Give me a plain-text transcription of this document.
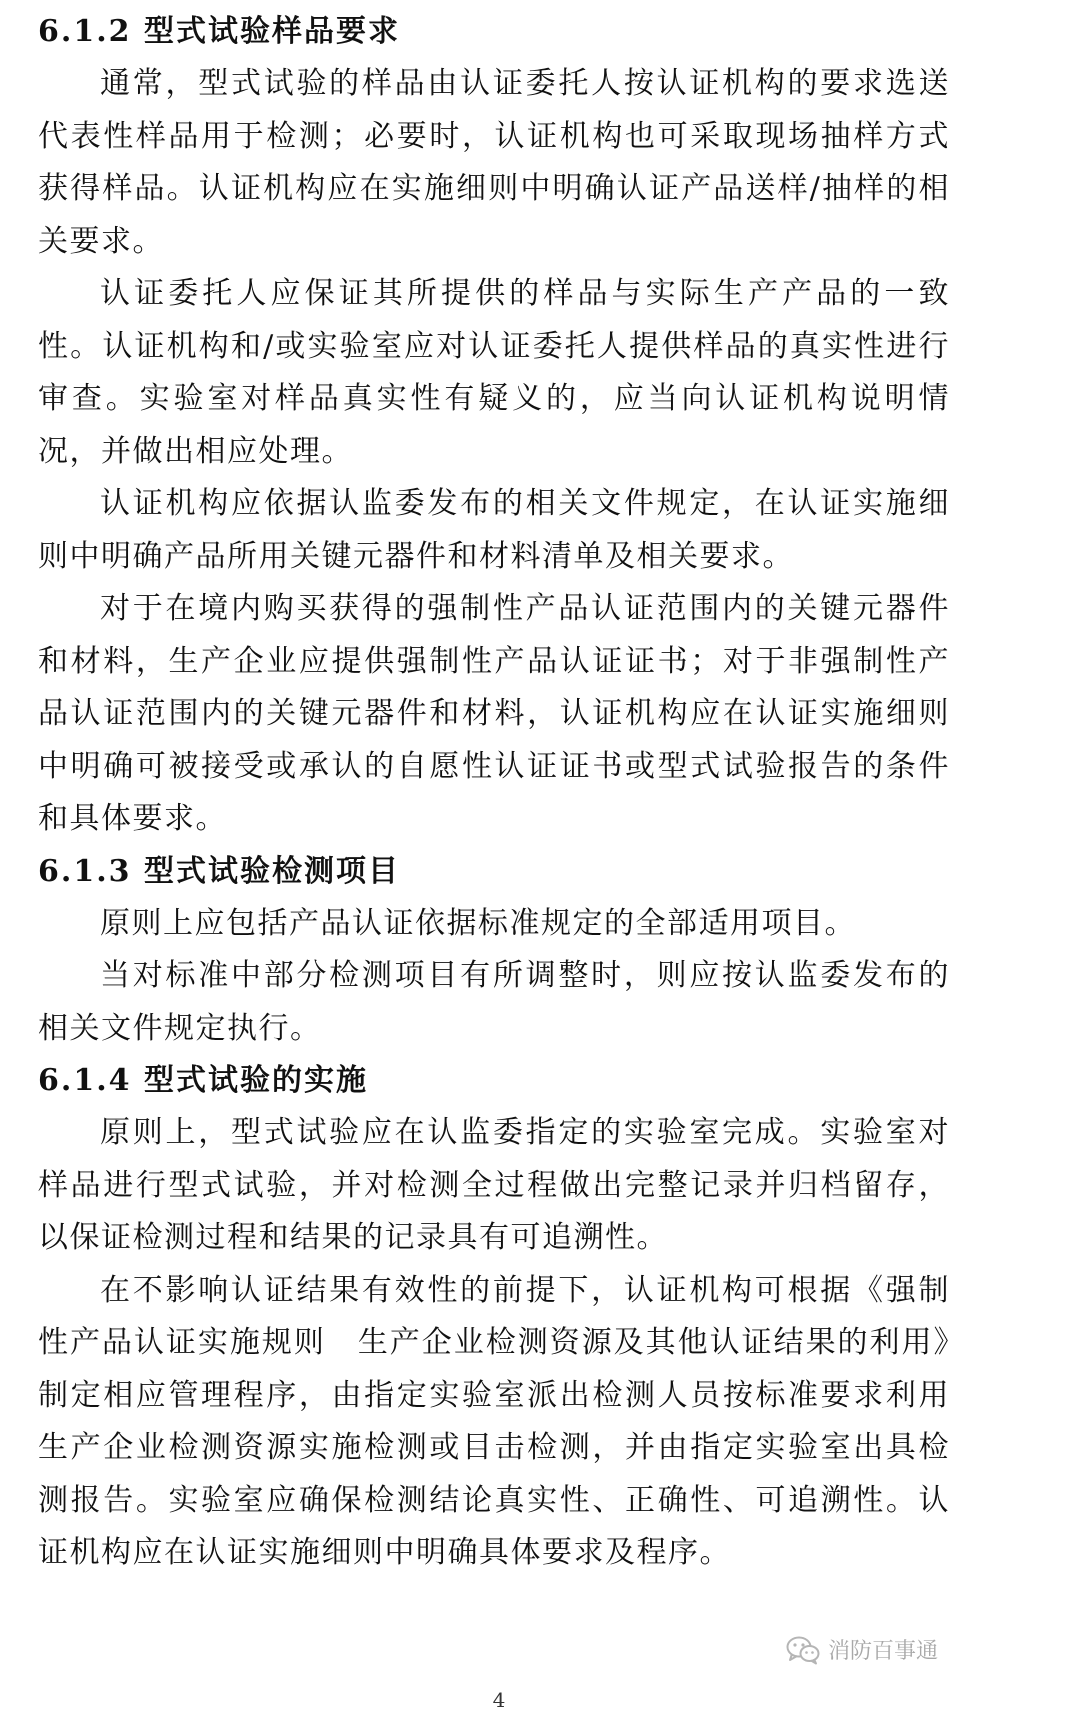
6.1.2 型式试验样品要求

通常，型式试验的样品由认证委托人按认证机构的要求选送代表性样品用于检测；必要时，认证机构也可采取现场抽样方式获得样品。认证机构应在实施细则中明确认证产品送样/抽样的相关要求。

认证委托人应保证其所提供的样品与实际生产产品的一致性。认证机构和/或实验室应对认证委托人提供样品的真实性进行审查。实验室对样品真实性有疑义的，应当向认证机构说明情况，并做出相应处理。

认证机构应依据认监委发布的相关文件规定，在认证实施细则中明确产品所用关键元器件和材料清单及相关要求。

对于在境内购买获得的强制性产品认证范围内的关键元器件和材料，生产企业应提供强制性产品认证证书；对于非强制性产品认证范围内的关键元器件和材料，认证机构应在认证实施细则中明确可被接受或承认的自愿性认证证书或型式试验报告的条件和具体要求。

6.1.3 型式试验检测项目

原则上应包括产品认证依据标准规定的全部适用项目。

当对标准中部分检测项目有所调整时，则应按认监委发布的相关文件规定执行。

6.1.4 型式试验的实施

原则上，型式试验应在认监委指定的实验室完成。实验室对样品进行型式试验，并对检测全过程做出完整记录并归档留存，以保证检测过程和结果的记录具有可追溯性。

在不影响认证结果有效性的前提下，认证机构可根据《强制性产品认证实施规则　生产企业检测资源及其他认证结果的利用》制定相应管理程序，由指定实验室派出检测人员按标准要求利用生产企业检测资源实施检测或目击检测，并由指定实验室出具检测报告。实验室应确保检测结论真实性、正确性、可追溯性。认证机构应在认证实施细则中明确具体要求及程序。

消防百事通
4
